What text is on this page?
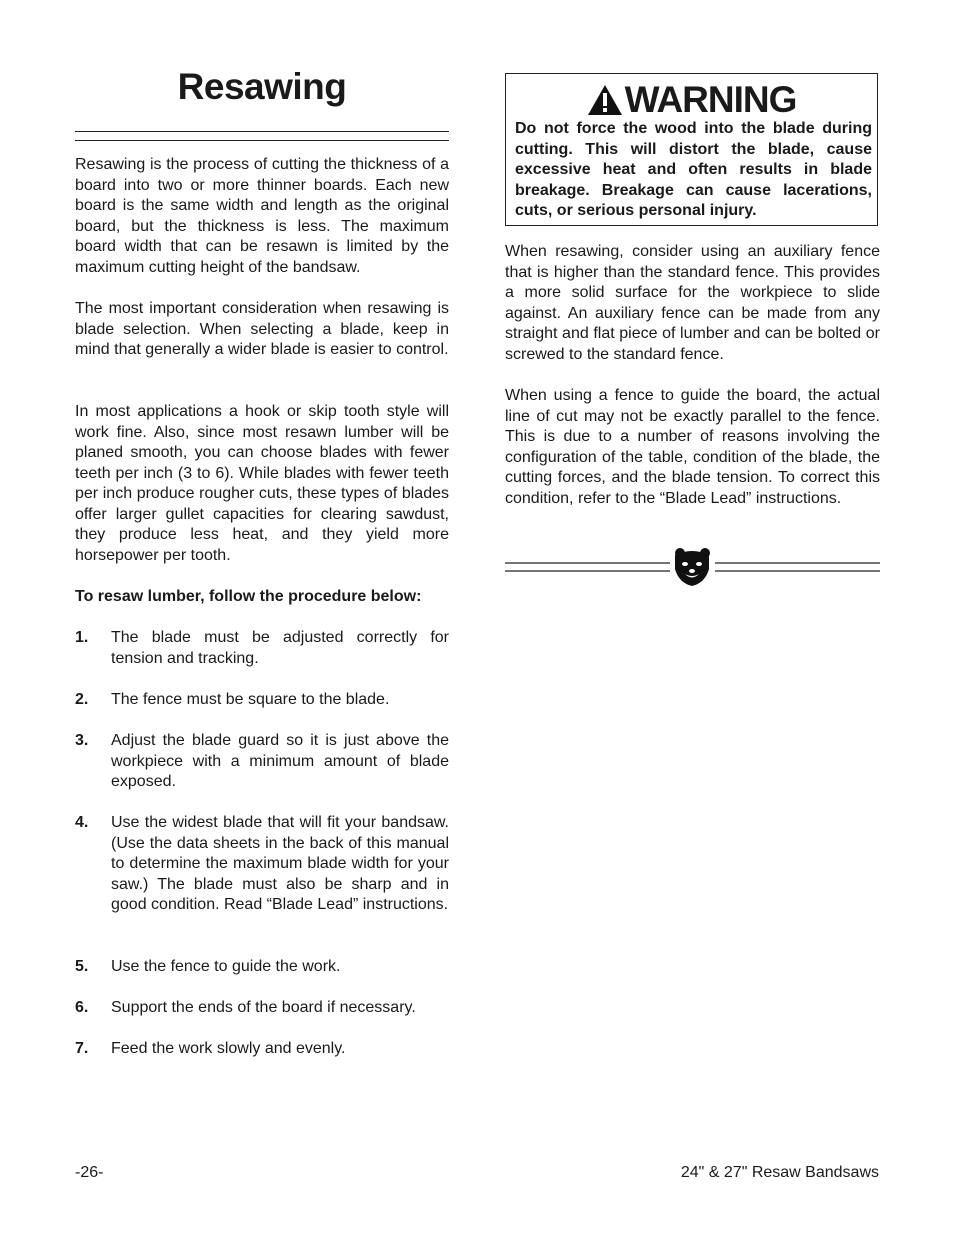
Resawing

Resawing is the process of cutting the thickness of a board into two or more thinner boards. Each new board is the same width and length as the original board, but the thickness is less. The maximum board width that can be resawn is limited by the maximum cutting height of the bandsaw.

The most important consideration when resawing is blade selection. When selecting a blade, keep in mind that generally a wider blade is easier to control.

In most applications a hook or skip tooth style will work fine. Also, since most resawn lumber will be planed smooth, you can choose blades with fewer teeth per inch (3 to 6). While blades with fewer teeth per inch produce rougher cuts, these types of blades offer larger gullet capacities for clearing sawdust, they produce less heat, and they yield more horsepower per tooth.

To resaw lumber, follow the procedure below:

1. The blade must be adjusted correctly for tension and tracking.
2. The fence must be square to the blade.
3. Adjust the blade guard so it is just above the workpiece with a minimum amount of blade exposed.
4. Use the widest blade that will fit your bandsaw. (Use the data sheets in the back of this manual to determine the maximum blade width for your saw.) The blade must also be sharp and in good condition. Read “Blade Lead” instructions.
5. Use the fence to guide the work.
6. Support the ends of the board if necessary.
7. Feed the work slowly and evenly.
WARNING
Do not force the wood into the blade during cutting. This will distort the blade, cause excessive heat and often results in blade breakage. Breakage can cause lacerations, cuts, or serious personal injury.

When resawing, consider using an auxiliary fence that is higher than the standard fence. This provides a more solid surface for the workpiece to slide against. An auxiliary fence can be made from any straight and flat piece of lumber and can be bolted or screwed to the standard fence.

When using a fence to guide the board, the actual line of cut may not be exactly parallel to the fence. This is due to a number of reasons involving the configuration of the table, condition of the blade, the cutting forces, and the blade tension. To correct this condition, refer to the “Blade Lead” instructions.

-26-	24" & 27" Resaw Bandsaws
